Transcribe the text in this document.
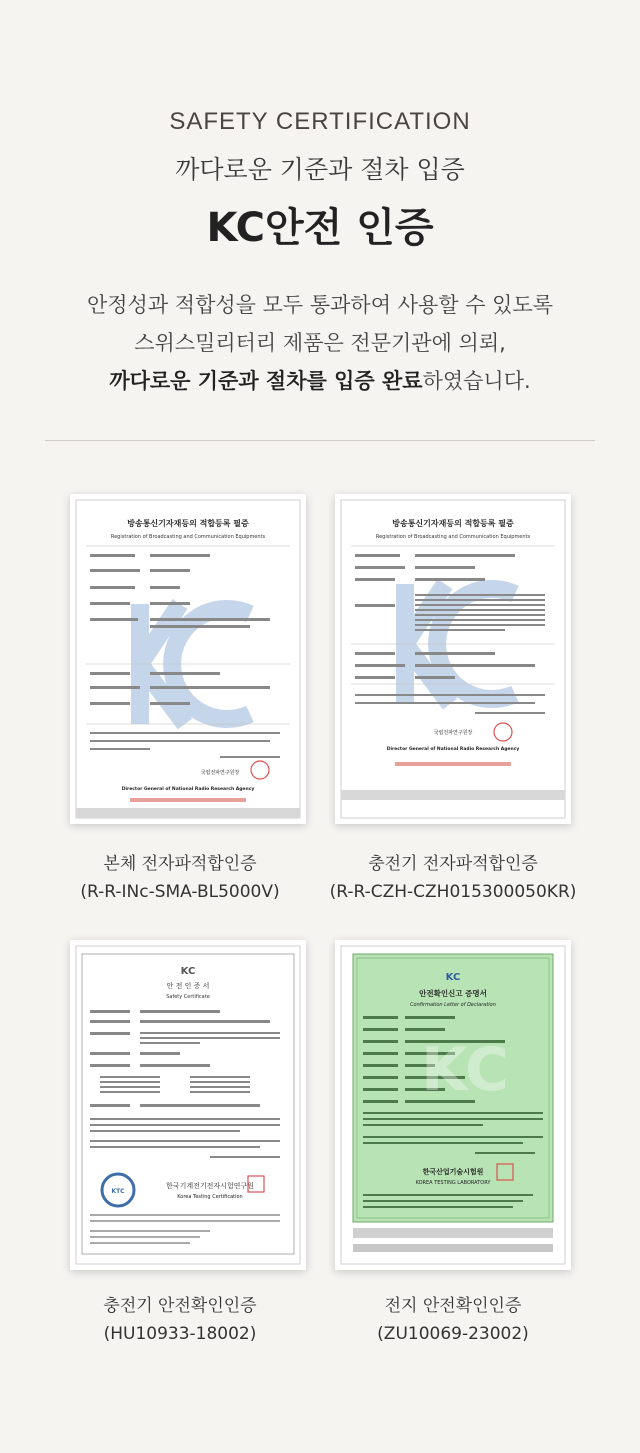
SAFETY CERTIFICATION
까다로운 기준과 절차 입증
KC안전 인증
안정성과 적합성을 모두 통과하여 사용할 수 있도록
스위스밀리터리 제품은 전문기관에 의뢰,
까다로운 기준과 절차를 입증 완료하였습니다.
방송통신기자재등의 적합등록 필증
Registration of Broadcasting and Communication Equipments
국립전파연구원장
Director General of National Radio Research Agency
방송통신기자재등의 적합등록 필증
Registration of Broadcasting and Communication Equipments
국립전파연구원장
Director General of National Radio Research Agency
본체 전자파적합인증
(R-R-INc-SMA-BL5000V)
충전기 전자파적합인증
(R-R-CZH-CZH015300050KR)
KC
안 전 인 증 서
Safety Certificate
KTC
한국기계전기전자시험연구원
Korea Testing Certification
KC
안전확인신고 증명서
Confirmation Letter of Declaration
KC
한국산업기술시험원
KOREA TESTING LABORATORY
충전기 안전확인인증
(HU10933-18002)
전지 안전확인인증
(ZU10069-23002)
